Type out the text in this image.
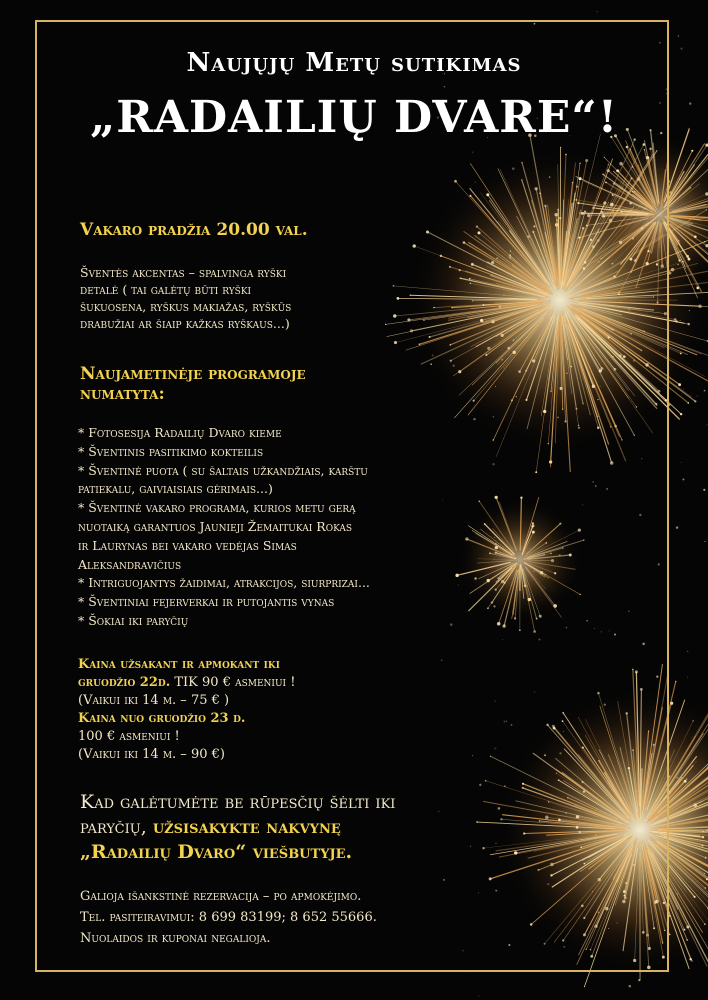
Naujųjų Metų sutikimas
„RADAILIŲ DVARE“!
Vakaro pradžia 20.00 val.
Šventės akcentas – spalvinga ryški
detalė ( tai galėtų būti ryški
šukuosena, ryškus makiažas, ryškūs
drabužiai ar šiaip kažkas ryškaus...)
Naujametinėje programoje
numatyta:
* Fotosesija Radailių Dvaro kieme
* Šventinis pasitikimo kokteilis
* Šventinė puota ( su šaltais užkandžiais, karštu
patiekalu, gaiviaisiais gėrimais...)
* Šventinė vakaro programa, kurios metu gerą
nuotaiką garantuos Jaunieji Žemaitukai Rokas
ir Laurynas bei vakaro vedėjas Simas
Aleksandravičius
* Intriguojantys žaidimai, atrakcijos, siurprizai...
* Šventiniai fejerverkai ir putojantis vynas
* Šokiai iki paryčių
Kaina užsakant ir apmokant iki
gruodžio 22d. TIK 90 € asmeniui !
(Vaikui iki 14 m. – 75 € )
Kaina nuo gruodžio 23 d.
100 € asmeniui !
(Vaikui iki 14 m. – 90 €)
Kad galėtumėte be rūpesčių šėlti iki
paryčių, užsisakykte nakvynę
„Radailių Dvaro“ viešbutyje.
Galioja išankstinė rezervacija – po apmokėjimo.
Tel. pasiteiravimui: 8 699 83199; 8 652 55666.
Nuolaidos ir kuponai negalioja.
